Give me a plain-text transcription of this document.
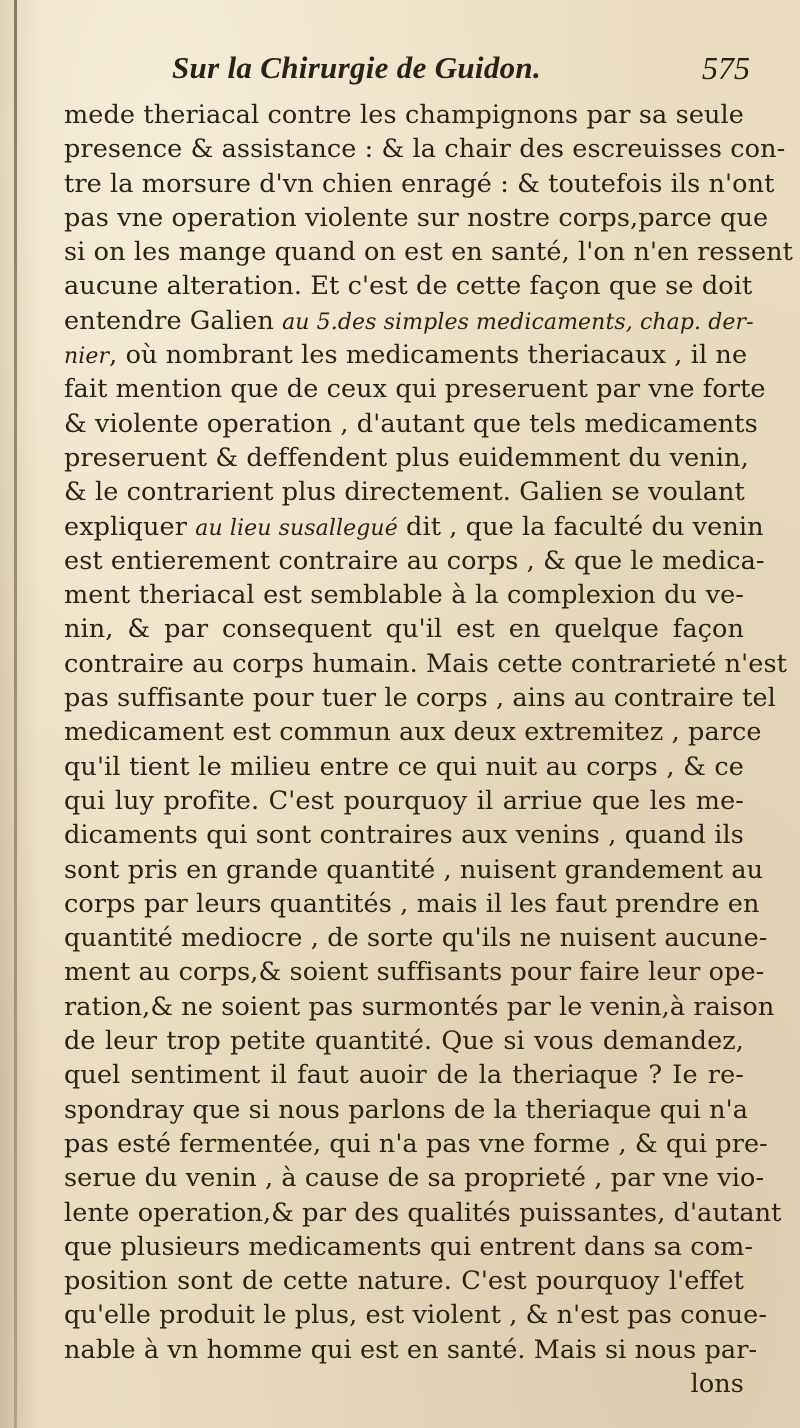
Sur la Chirurgie de Guidon.	575
mede theriacal contre les champignons par sa seule
presence & assistance : & la chair des escreuisses con-
tre la morsure d'vn chien enragé : & toutefois ils n'ont
pas vne operation violente sur nostre corps,parce que
si on les mange quand on est en santé, l'on n'en ressent
aucune alteration. Et c'est de cette façon que se doit
entendre Galien au 5.des simples medicaments, chap. der-
nier, où nombrant les medicaments theriacaux , il ne
fait mention que de ceux qui preseruent par vne forte
& violente operation , d'autant que tels medicaments
preseruent & deffendent plus euidemment du venin,
& le contrarient plus directement. Galien se voulant
expliquer au lieu susallegué dit , que la faculté du venin
est entierement contraire au corps , & que le medica-
ment theriacal est semblable à la complexion du ve-
nin, & par consequent qu'il est en quelque façon
contraire au corps humain. Mais cette contrarieté n'est
pas suffisante pour tuer le corps , ains au contraire tel
medicament est commun aux deux extremitez , parce
qu'il tient le milieu entre ce qui nuit au corps , & ce
qui luy profite. C'est pourquoy il arriue que les me-
dicaments qui sont contraires aux venins , quand ils
sont pris en grande quantité , nuisent grandement au
corps par leurs quantités , mais il les faut prendre en
quantité mediocre , de sorte qu'ils ne nuisent aucune-
ment au corps,& soient suffisants pour faire leur ope-
ration,& ne soient pas surmontés par le venin,à raison
de leur trop petite quantité. Que si vous demandez,
quel sentiment il faut auoir de la theriaque ? Ie re-
spondray que si nous parlons de la theriaque qui n'a
pas esté fermentée, qui n'a pas vne forme , & qui pre-
serue du venin , à cause de sa proprieté , par vne vio-
lente operation,& par des qualités puissantes, d'autant
que plusieurs medicaments qui entrent dans sa com-
position sont de cette nature. C'est pourquoy l'effet
qu'elle produit le plus, est violent , & n'est pas conue-
nable à vn homme qui est en santé. Mais si nous par-
lons
